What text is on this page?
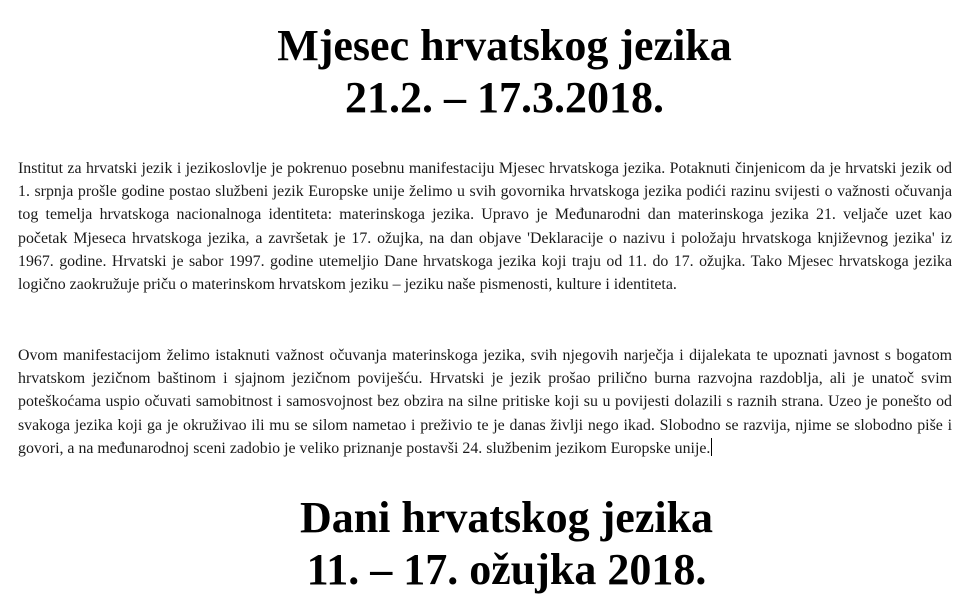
Mjesec hrvatskog jezika
21.2. – 17.3.2018.
Institut za hrvatski jezik i jezikoslovlje je pokrenuo posebnu manifestaciju Mjesec hrvatskoga jezika. Potaknuti činjenicom da je hrvatski jezik od 1. srpnja prošle godine postao službeni jezik Europske unije želimo u svih govornika hrvatskoga jezika podići razinu svijesti o važnosti očuvanja tog temelja hrvatskoga nacionalnoga identiteta: materinskoga jezika. Upravo je Međunarodni dan materinskoga jezika 21. veljače uzet kao početak Mjeseca hrvatskoga jezika, a završetak je 17. ožujka, na dan objave 'Deklaracije o nazivu i položaju hrvatskoga književnog jezika' iz 1967. godine. Hrvatski je sabor 1997. godine utemeljio Dane hrvatskoga jezika koji traju od 11. do 17. ožujka. Tako Mjesec hrvatskoga jezika logično zaokružuje priču o materinskom hrvatskom jeziku – jeziku naše pismenosti, kulture i identiteta.
Ovom manifestacijom želimo istaknuti važnost očuvanja materinskoga jezika, svih njegovih narječja i dijalekata te upoznati javnost s bogatom hrvatskom jezičnom baštinom i sjajnom jezičnom poviješću. Hrvatski je jezik prošao prilično burna razvojna razdoblja, ali je unatoč svim poteškoćama uspio očuvati samobitnost i samosvojnost bez obzira na silne pritiske koji su u povijesti dolazili s raznih strana. Uzeo je ponešto od svakoga jezika koji ga je okruživao ili mu se silom nametao i preživio te je danas življi nego ikad. Slobodno se razvija, njime se slobodno piše i govori, a na međunarodnoj sceni zadobio je veliko priznanje postavši 24. službenim jezikom Europske unije.
Dani hrvatskog jezika
11. – 17. ožujka 2018.
